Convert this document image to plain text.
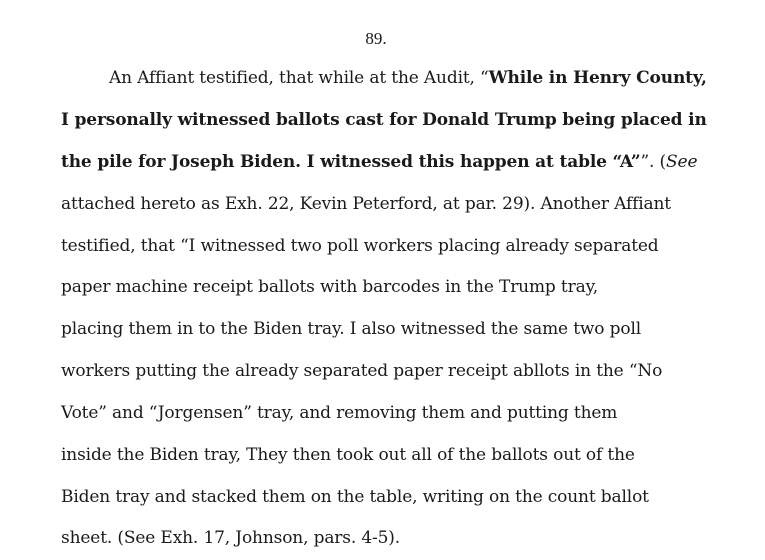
89.
An Affiant testified, that while at the Audit, “While in Henry County,
I personally witnessed ballots cast for Donald Trump being placed in
the pile for Joseph Biden. I witnessed this happen at table “A””. (See
attached hereto as Exh. 22, Kevin Peterford, at par. 29). Another Affiant
testified, that “I witnessed two poll workers placing already separated
paper machine receipt ballots with barcodes in the Trump tray,
placing them in to the Biden tray. I also witnessed the same two poll
workers putting the already separated paper receipt abllots in the “No
Vote” and “Jorgensen” tray, and removing them and putting them
inside the Biden tray, They then took out all of the ballots out of the
Biden tray and stacked them on the table, writing on the count ballot
sheet. (See Exh. 17, Johnson, pars. 4-5).
